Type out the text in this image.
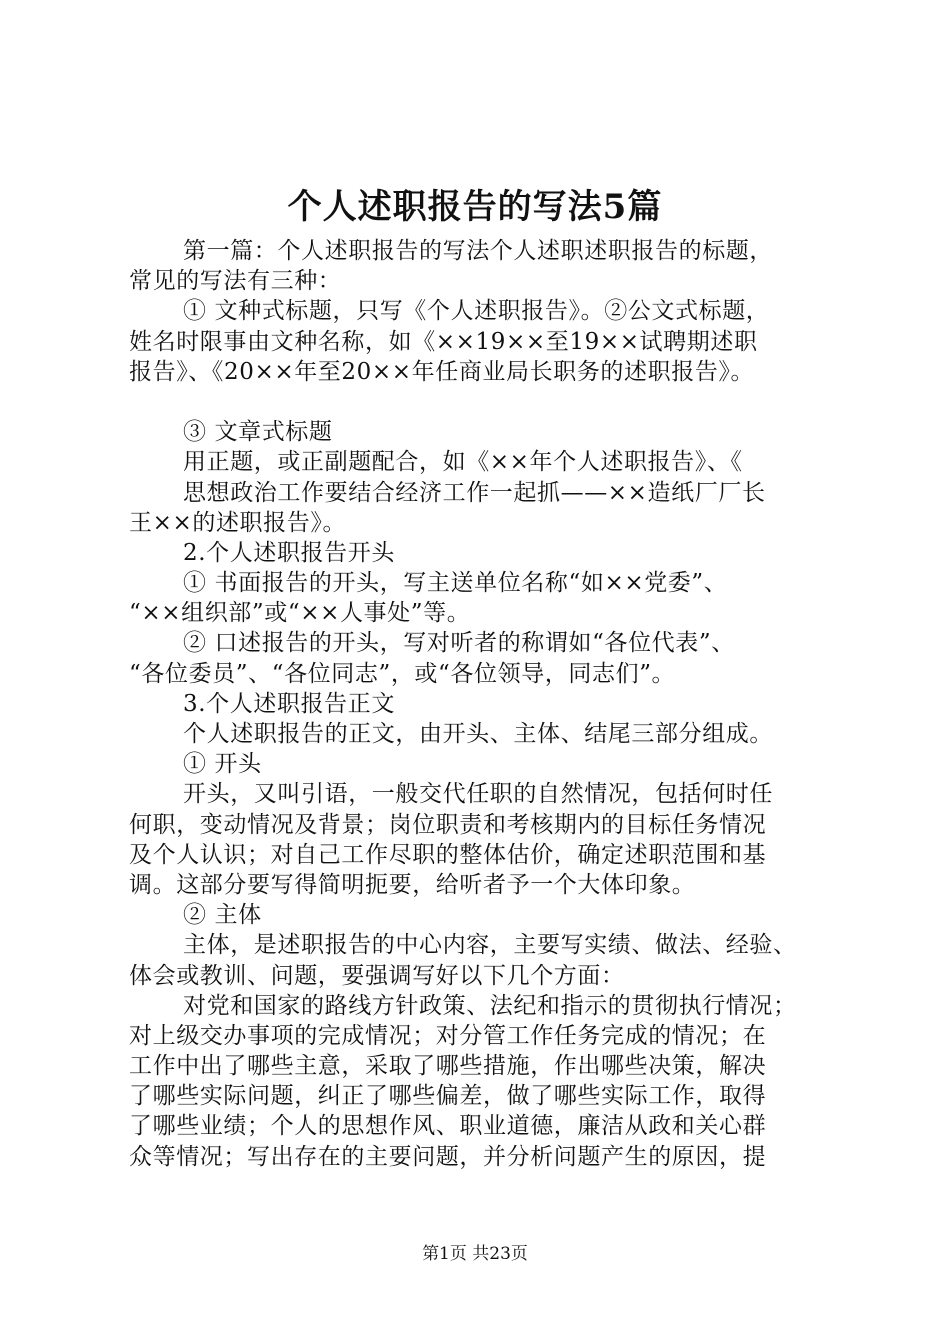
个人述职报告的写法5篇
第一篇：个人述职报告的写法个人述职述职报告的标题，
常见的写法有三种：
① 文种式标题，只写《个人述职报告》。②公文式标题，
姓名时限事由文种名称，如《××19××至19××试聘期述职
报告》、《20××年至20××年任商业局长职务的述职报告》。
③ 文章式标题
用正题，或正副题配合，如《××年个人述职报告》、《
思想政治工作要结合经济工作一起抓——××造纸厂厂长
王××的述职报告》。
2.个人述职报告开头
① 书面报告的开头，写主送单位名称“如××党委”、
“××组织部”或“××人事处”等。
② 口述报告的开头，写对听者的称谓如“各位代表”、
“各位委员”、“各位同志”，或“各位领导，同志们”。
3.个人述职报告正文
个人述职报告的正文，由开头、主体、结尾三部分组成。
① 开头
开头，又叫引语，一般交代任职的自然情况，包括何时任
何职，变动情况及背景；岗位职责和考核期内的目标任务情况
及个人认识；对自己工作尽职的整体估价，确定述职范围和基
调。这部分要写得简明扼要，给听者予一个大体印象。
② 主体
主体，是述职报告的中心内容，主要写实绩、做法、经验、
体会或教训、问题，要强调写好以下几个方面：
对党和国家的路线方针政策、法纪和指示的贯彻执行情况；
对上级交办事项的完成情况；对分管工作任务完成的情况；在
工作中出了哪些主意，采取了哪些措施，作出哪些决策，解决
了哪些实际问题，纠正了哪些偏差，做了哪些实际工作，取得
了哪些业绩；个人的思想作风、职业道德，廉洁从政和关心群
众等情况；写出存在的主要问题，并分析问题产生的原因，提
第1页 共23页
